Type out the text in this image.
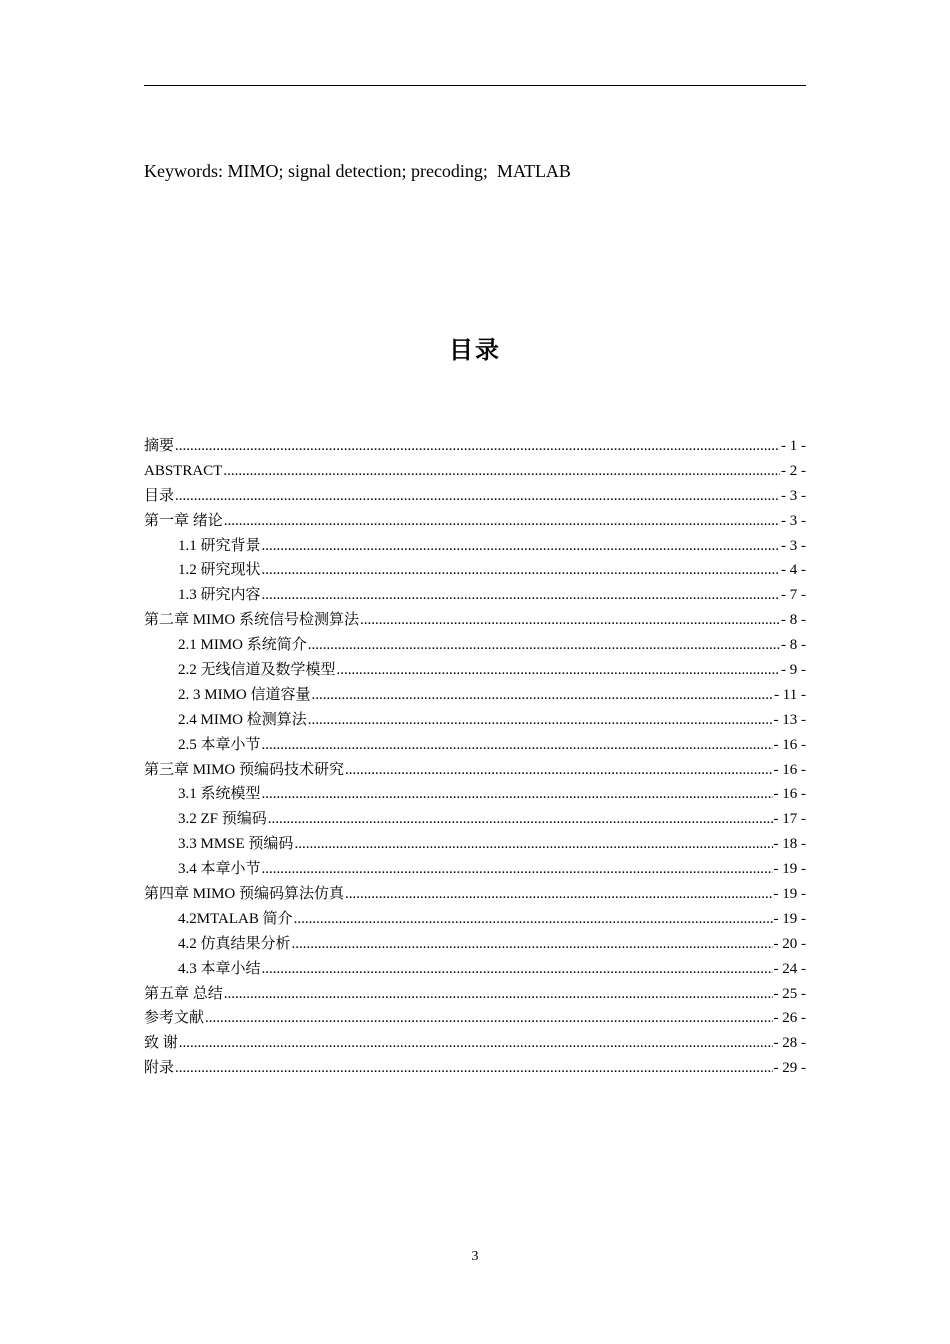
Keywords: MIMO; signal detection; precoding;  MATLAB
目录
摘要 .....	- 1 -
ABSTRACT .....	- 2 -
目录 .....	- 3 -
第一章 绪论 .....	- 3 -
1.1 研究背景 .....	- 3 -
1.2 研究现状 .....	- 4 -
1.3 研究内容 .....	- 7 -
第二章 MIMO 系统信号检测算法 .....	- 8 -
2.1 MIMO 系统简介 .....	- 8 -
2.2 无线信道及数学模型 .....	- 9 -
2. 3 MIMO 信道容量 .....	- 11 -
2.4 MIMO 检测算法 .....	- 13 -
2.5 本章小节 .....	- 16 -
第三章 MIMO 预编码技术研究 .....	- 16 -
3.1 系统模型 .....	- 16 -
3.2 ZF 预编码 .....	- 17 -
3.3 MMSE 预编码 .....	- 18 -
3.4 本章小节 .....	- 19 -
第四章 MIMO 预编码算法仿真 .....	- 19 -
4.2MTALAB 简介 .....	- 19 -
4.2 仿真结果分析 .....	- 20 -
4.3 本章小结 .....	- 24 -
第五章 总结 .....	- 25 -
参考文献 .....	- 26 -
致 谢 .....	- 28 -
附录 .....	- 29 -
3
